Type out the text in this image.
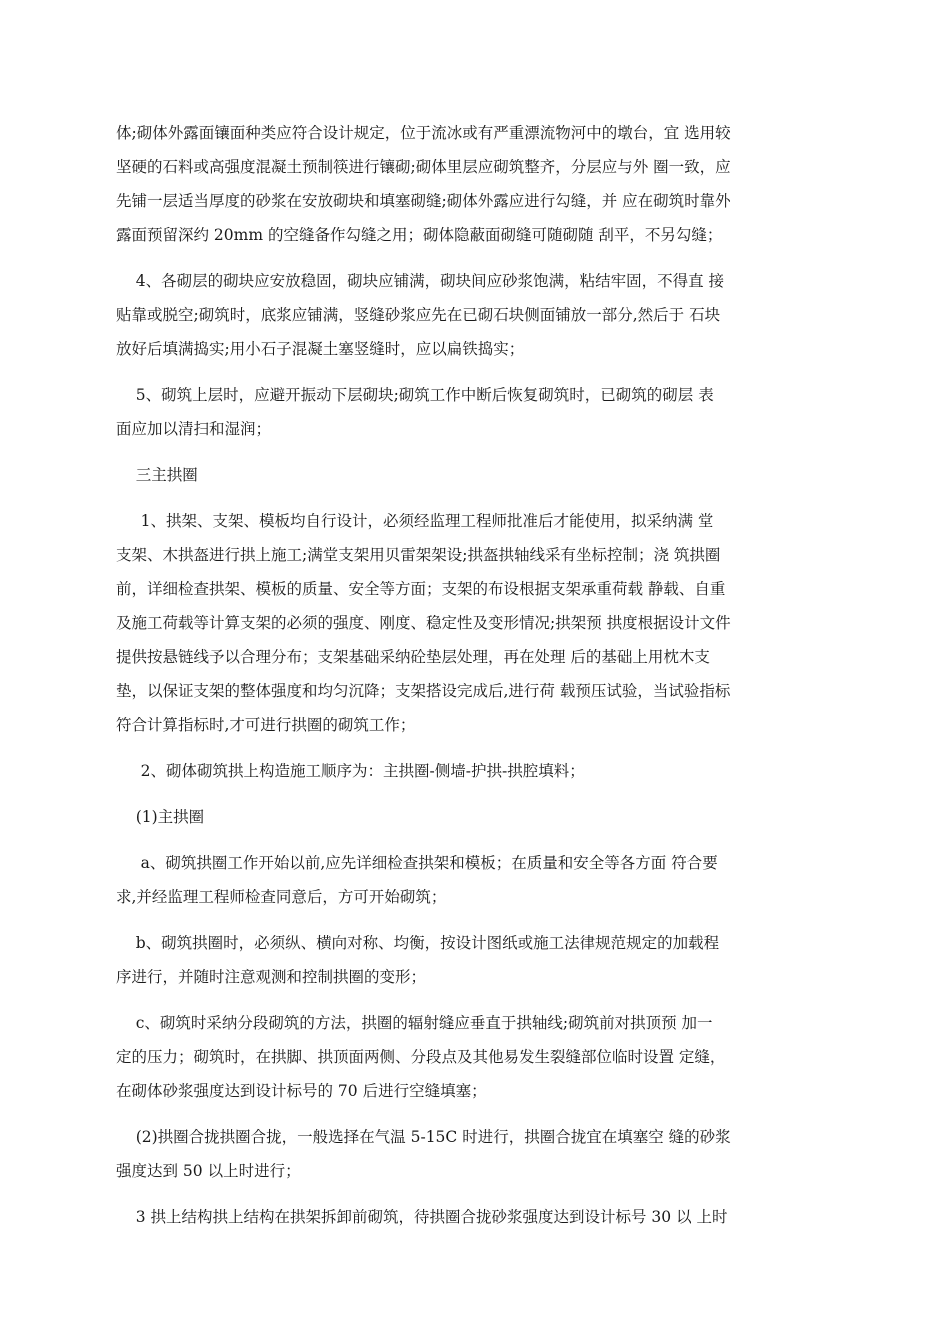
体;砌体外露面镶面种类应符合设计规定，位于流冰或有严重漂流物河中的墩台，宜 选用较
坚硬的石料或高强度混凝土预制筷进行镶砌;砌体里层应砌筑整齐，分层应与外 圈一致，应
先铺一层适当厚度的砂浆在安放砌块和填塞砌缝;砌体外露应进行勾缝，并 应在砌筑时靠外
露面预留深约 20mm 的空缝备作勾缝之用；砌体隐蔽面砌缝可随砌随 刮平，不另勾缝；
4、各砌层的砌块应安放稳固，砌块应铺满，砌块间应砂浆饱满，粘结牢固，不得直 接
贴靠或脱空;砌筑时，底浆应铺满，竖缝砂浆应先在已砌石块侧面铺放一部分,然后于 石块
放好后填满捣实;用小石子混凝土塞竖缝时，应以扁铁捣实；
5、砌筑上层时，应避开振动下层砌块;砌筑工作中断后恢复砌筑时，已砌筑的砌层 表
面应加以清扫和湿润；
三主拱圈
1、拱架、支架、模板均自行设计，必须经监理工程师批准后才能使用，拟采纳满 堂
支架、木拱盔进行拱上施工;满堂支架用贝雷架架设;拱盔拱轴线采有坐标控制；浇 筑拱圈
前，详细检查拱架、模板的质量、安全等方面；支架的布设根据支架承重荷载 静载、自重
及施工荷载等计算支架的必须的强度、刚度、稳定性及变形情况;拱架预 拱度根据设计文件
提供按悬链线予以合理分布；支架基础采纳砼垫层处理，再在处理 后的基础上用枕木支
垫，以保证支架的整体强度和均匀沉降；支架搭设完成后,进行荷 载预压试验，当试验指标
符合计算指标时,才可进行拱圈的砌筑工作；
2、砌体砌筑拱上构造施工顺序为：主拱圈-侧墙-护拱-拱腔填料；
(1)主拱圈
a、砌筑拱圈工作开始以前,应先详细检查拱架和模板；在质量和安全等各方面 符合要
求,并经监理工程师检查同意后，方可开始砌筑；
b、砌筑拱圈时，必须纵、横向对称、均衡，按设计图纸或施工法律规范规定的加载程
序进行，并随时注意观测和控制拱圈的变形；
c、砌筑时采纳分段砌筑的方法，拱圈的辐射缝应垂直于拱轴线;砌筑前对拱顶预 加一
定的压力；砌筑时，在拱脚、拱顶面两侧、分段点及其他易发生裂缝部位临时设置 定缝，
在砌体砂浆强度达到设计标号的 70 后进行空缝填塞；
(2)拱圈合拢拱圈合拢，一般选择在气温 5-15C 时进行，拱圈合拢宜在填塞空 缝的砂浆
强度达到 50 以上时进行；
3 拱上结构拱上结构在拱架拆卸前砌筑，待拱圈合拢砂浆强度达到设计标号 30 以 上时
